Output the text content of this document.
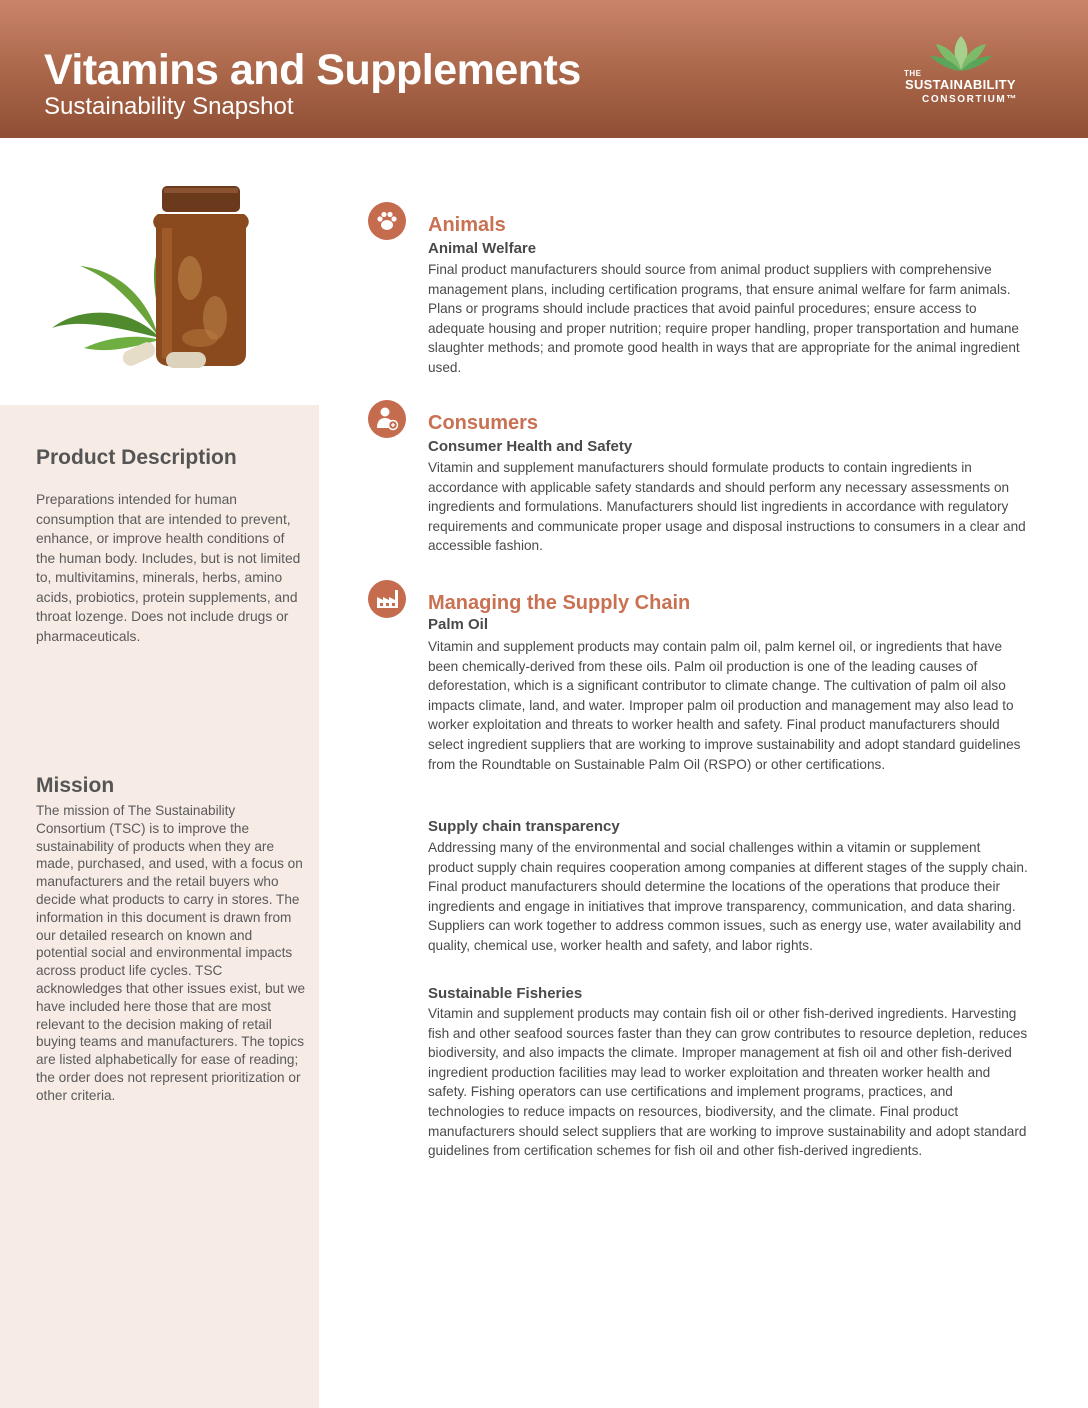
Vitamins and Supplements
Sustainability Snapshot
THE
SUSTAINABILITY
CONSORTIUM™
Product Description
Preparations intended for human consumption that are intended to prevent, enhance, or improve health conditions of the human body. Includes, but is not limited to, multivitamins, minerals, herbs, amino acids, probiotics, protein supplements, and throat lozenge. Does not include drugs or pharmaceuticals.
Mission
The mission of The Sustainability Consortium (TSC) is to improve the sustainability of products when they are made, purchased, and used, with a focus on manufacturers and the retail buyers who decide what products to carry in stores. The information in this document is drawn from our detailed research on known and potential social and environmental impacts across product life cycles. TSC acknowledges that other issues exist, but we have included here those that are most relevant to the decision making of retail buying teams and manufacturers. The topics are listed alphabetically for ease of reading; the order does not represent prioritization or other criteria.
Animals
Animal Welfare
Final product manufacturers should source from animal product suppliers with comprehensive management plans, including certification programs, that ensure animal welfare for farm animals. Plans or programs should include practices that avoid painful procedures; ensure access to adequate housing and proper nutrition; require proper handling, proper transportation and humane slaughter methods; and promote good health in ways that are appropriate for the animal ingredient used.
Consumers
Consumer Health and Safety
Vitamin and supplement manufacturers should formulate products to contain ingredients in accordance with applicable safety standards and should perform any necessary assessments on ingredients and formulations. Manufacturers should list ingredients in accordance with regulatory requirements and communicate proper usage and disposal instructions to consumers in a clear and accessible fashion.
Managing the Supply Chain
Palm Oil
Vitamin and supplement products may contain palm oil, palm kernel oil, or ingredients that have been chemically-derived from these oils. Palm oil production is one of the leading causes of deforestation, which is a significant contributor to climate change. The cultivation of palm oil also impacts climate, land, and water. Improper palm oil production and management may also lead to worker exploitation and threats to worker health and safety. Final product manufacturers should select ingredient suppliers that are working to improve sustainability and adopt standard guidelines from the Roundtable on Sustainable Palm Oil (RSPO) or other certifications.
Supply chain transparency
Addressing many of the environmental and social challenges within a vitamin or supplement product supply chain requires cooperation among companies at different stages of the supply chain. Final product manufacturers should determine the locations of the operations that produce their ingredients and engage in initiatives that improve transparency, communication, and data sharing. Suppliers can work together to address common issues, such as energy use, water availability and quality, chemical use, worker health and safety, and labor rights.
Sustainable Fisheries
Vitamin and supplement products may contain fish oil or other fish-derived ingredients. Harvesting fish and other seafood sources faster than they can grow contributes to resource depletion, reduces biodiversity, and also impacts the climate. Improper management at fish oil and other fish-derived ingredient production facilities may lead to worker exploitation and threaten worker health and safety. Fishing operators can use certifications and implement programs, practices, and technologies to reduce impacts on resources, biodiversity, and the climate. Final product manufacturers should select suppliers that are working to improve sustainability and adopt standard guidelines from certification schemes for fish oil and other fish-derived ingredients.
